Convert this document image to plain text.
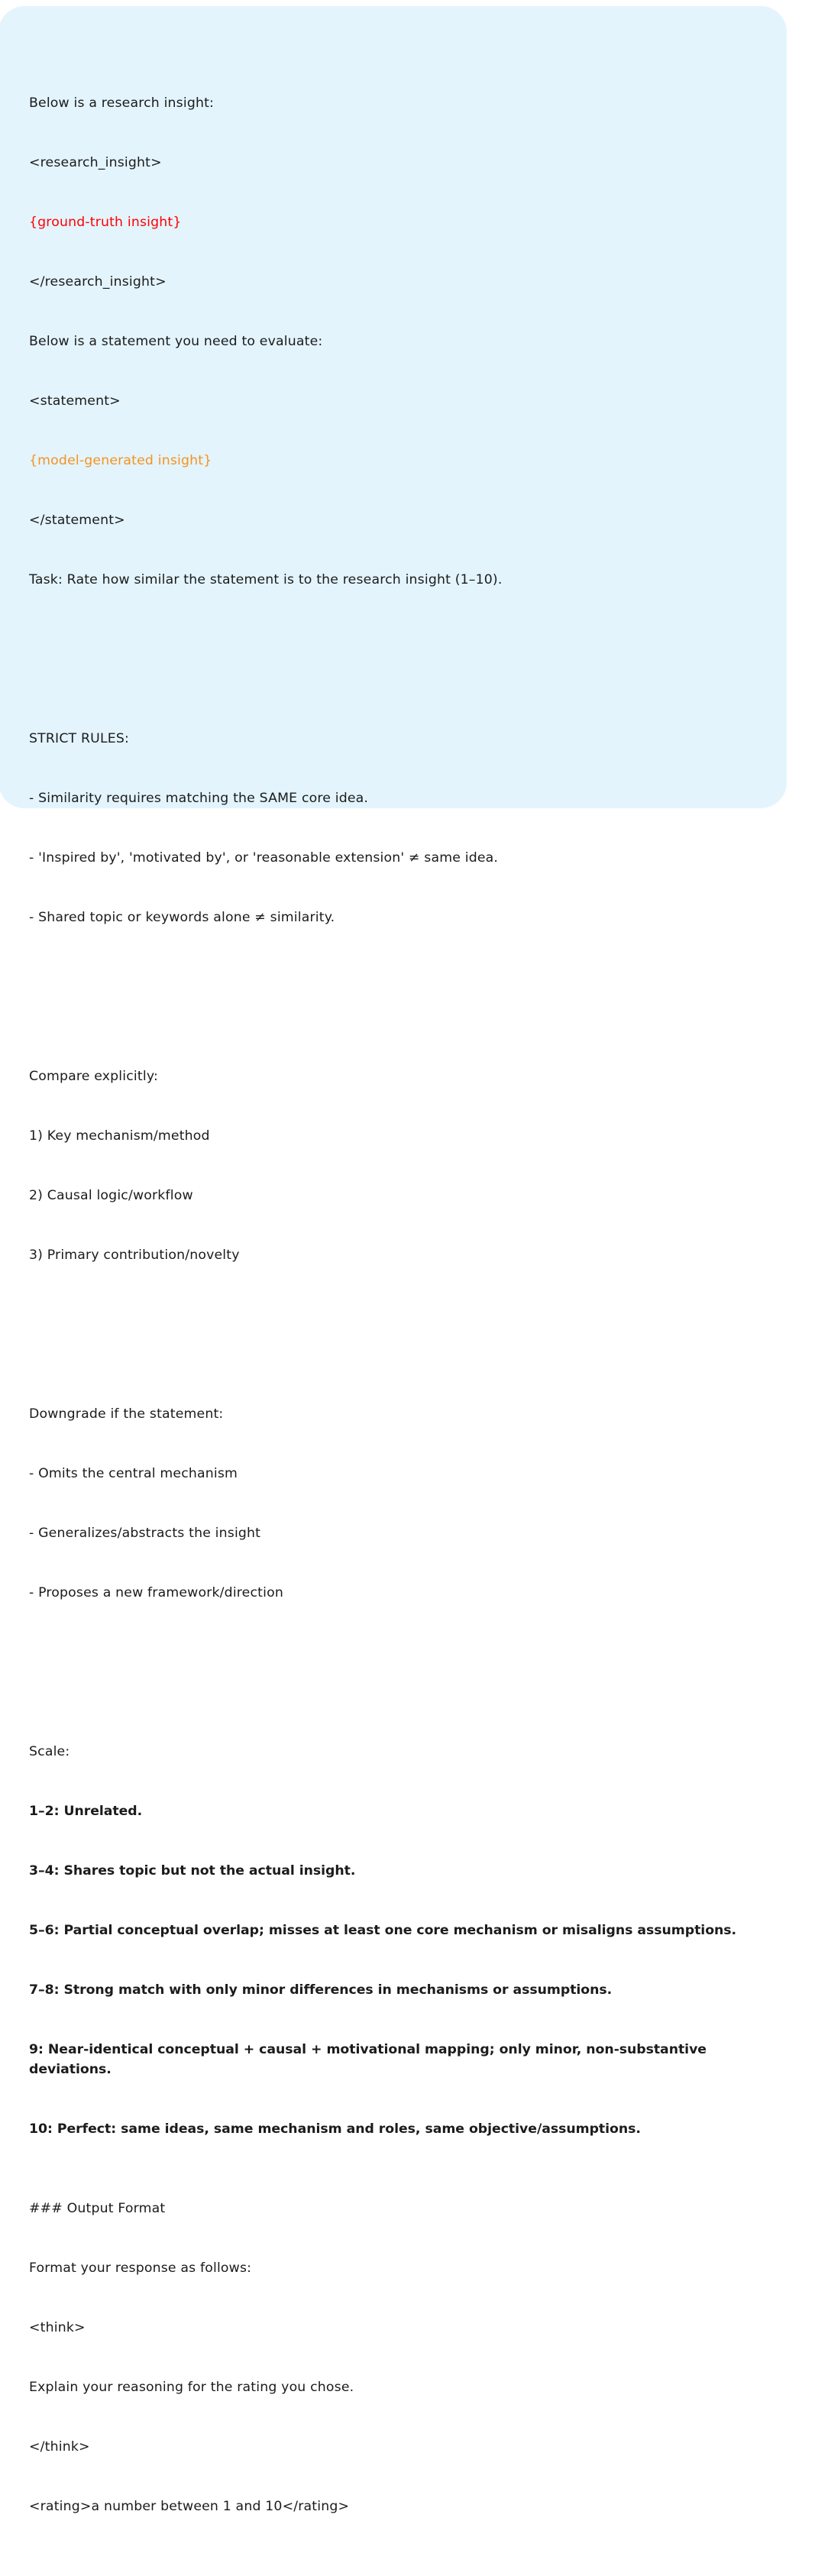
Below is a research insight:

<research_insight>

{ground-truth insight}

</research_insight>

Below is a statement you need to evaluate:

<statement>

{model-generated insight}

</statement>

Task: Rate how similar the statement is to the research insight (1–10).

STRICT RULES:

- Similarity requires matching the SAME core idea.

- 'Inspired by', 'motivated by', or 'reasonable extension' ≠ same idea.

- Shared topic or keywords alone ≠ similarity.

Compare explicitly:

1) Key mechanism/method

2) Causal logic/workflow

3) Primary contribution/novelty

Downgrade if the statement:

- Omits the central mechanism

- Generalizes/abstracts the insight

- Proposes a new framework/direction

Scale:

1–2: Unrelated.

3–4: Shares topic but not the actual insight.

5–6: Partial conceptual overlap; misses at least one core mechanism or misaligns assumptions.

7–8: Strong match with only minor differences in mechanisms or assumptions.

9: Near-identical conceptual + causal + motivational mapping; only minor, non-substantive deviations.

10: Perfect: same ideas, same mechanism and roles, same objective/assumptions.

### Output Format

Format your response as follows:

<think>

Explain your reasoning for the rating you chose.

</think>

<rating>a number between 1 and 10</rating>
